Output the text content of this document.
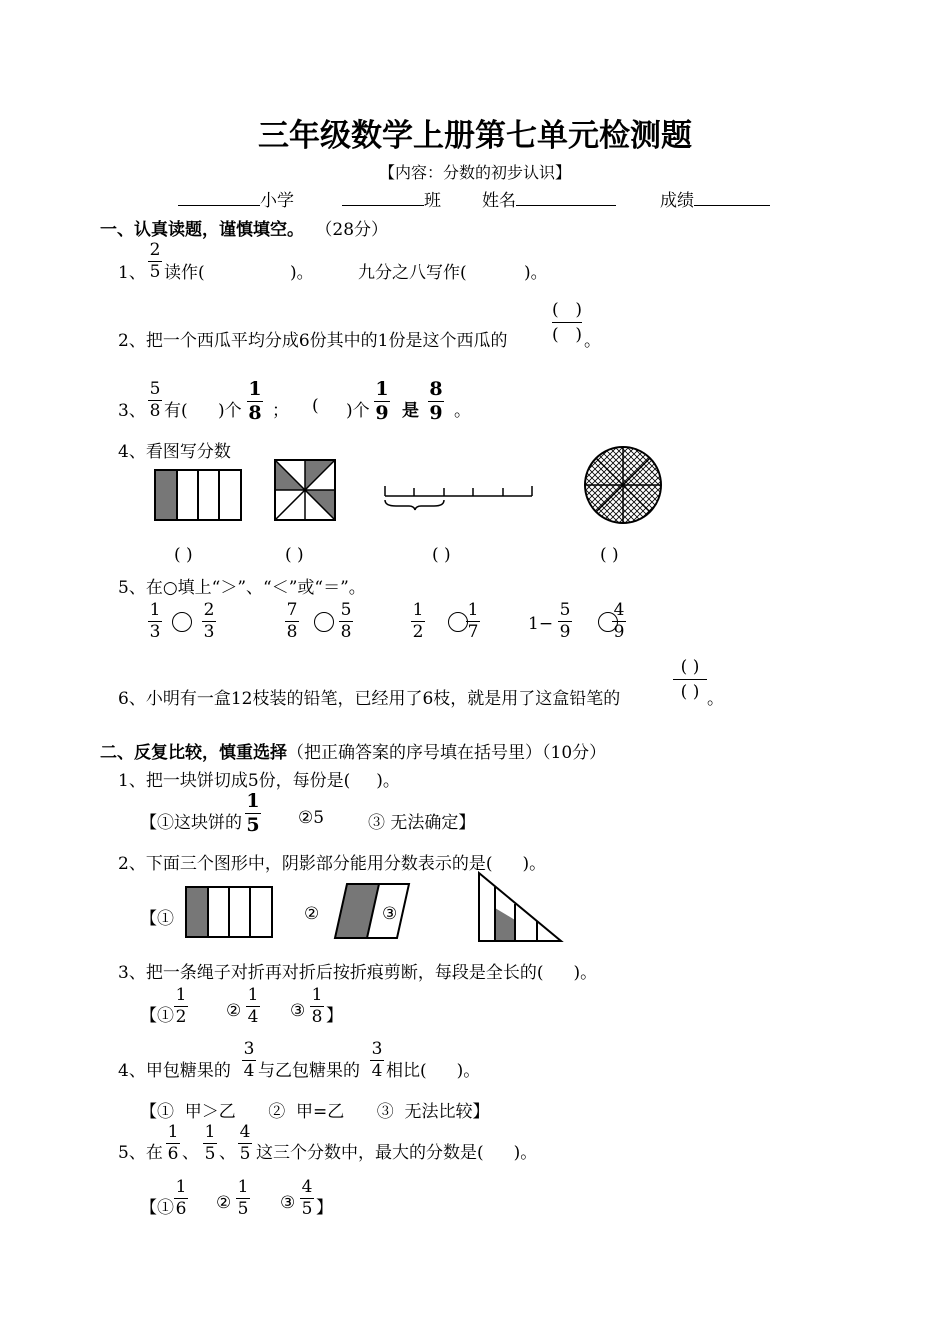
三年级数学上册第七单元检测题
【内容：分数的初步认识】
小学	班 姓名	成绩
一、认真读题，谨慎填空。 （28分）
1、
2
5 读作(	)。	九分之八写作(	)。
2、把一个西瓜平均分成6份其中的1份是这个西瓜的
( )
( ) 。
3、
5
8 有( )个
1
8 ； ( )个
1
9 是
8
9 。
4、看图写分数
( )	( )	( )	( )
5、在○填上“＞”、“＜”或“＝”。
1
3
2
3
7
8
5
8
1
2
1
7	1−
5
9
4
9
6、小明有一盒12枝装的铅笔，已经用了6枝，就是用了这盒铅笔的
( )
( ) 。
二、反复比较，慎重选择（把正确答案的序号填在括号里）（10分）
1、把一块饼切成5份，每份是( )。
【①这块饼的
1
5 ②5	③ 无法确定】
2、下面三个图形中，阴影部分能用分数表示的是( )。
【①	②	③
3、把一条绳子对折再对折后按折痕剪断，每段是全长的( )。
【①
1
2 ②
1
4 ③
1
8 】
4、甲包糖果的
3
4 与乙包糖果的
3
4 相比( )。
【①  甲＞乙      ②  甲=乙      ③  无法比较】
5、在
1
6 、
1
5 、
4
5 这三个分数中，最大的分数是( )。
【①
1
6 ②
1
5 ③
4
5 】
